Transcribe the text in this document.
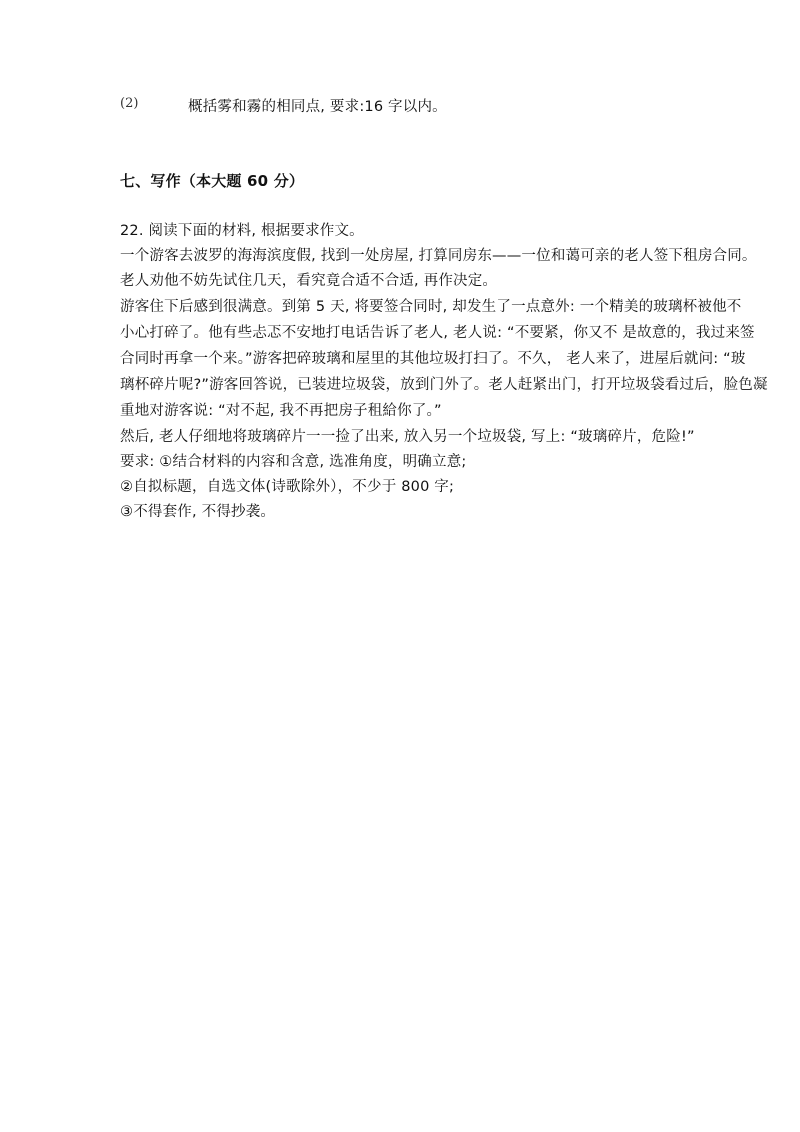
(2)	概括雾和霧的相同点, 要求:16 字以内。
七、写作（本大题 60 分）
22. 阅读下面的材料, 根据要求作文。
一个游客去波罗的海海滨度假, 找到一处房屋, 打算同房东——一位和蔼可亲的老人签下租房合同。
老人劝他不妨先试住几天，看究竟合适不合适, 再作决定。
游客住下后感到很满意。到第 5 天, 将要签合同时, 却发生了一点意外: 一个精美的玻璃杯被他不
小心打碎了。他有些忐忑不安地打电话告诉了老人, 老人说: “不要紧，你又不 是故意的，我过来签
合同时再拿一个来。”游客把碎玻璃和屋里的其他垃圾打扫了。不久， 老人来了，进屋后就问: “玻
璃杯碎片呢?”游客回答说，已装进垃圾袋，放到门外了。老人赶紧出门，打开垃圾袋看过后，脸色凝
重地对游客说: “对不起, 我不再把房子租給你了。”
然后, 老人仔细地将玻璃碎片一一捡了出来, 放入另一个垃圾袋, 写上: “玻璃碎片，危险!”
要求: ①结合材料的内容和含意, 选准角度，明确立意;
②自拟标题，自选文体(诗歌除外），不少于 800 字;
③不得套作, 不得抄袭。
